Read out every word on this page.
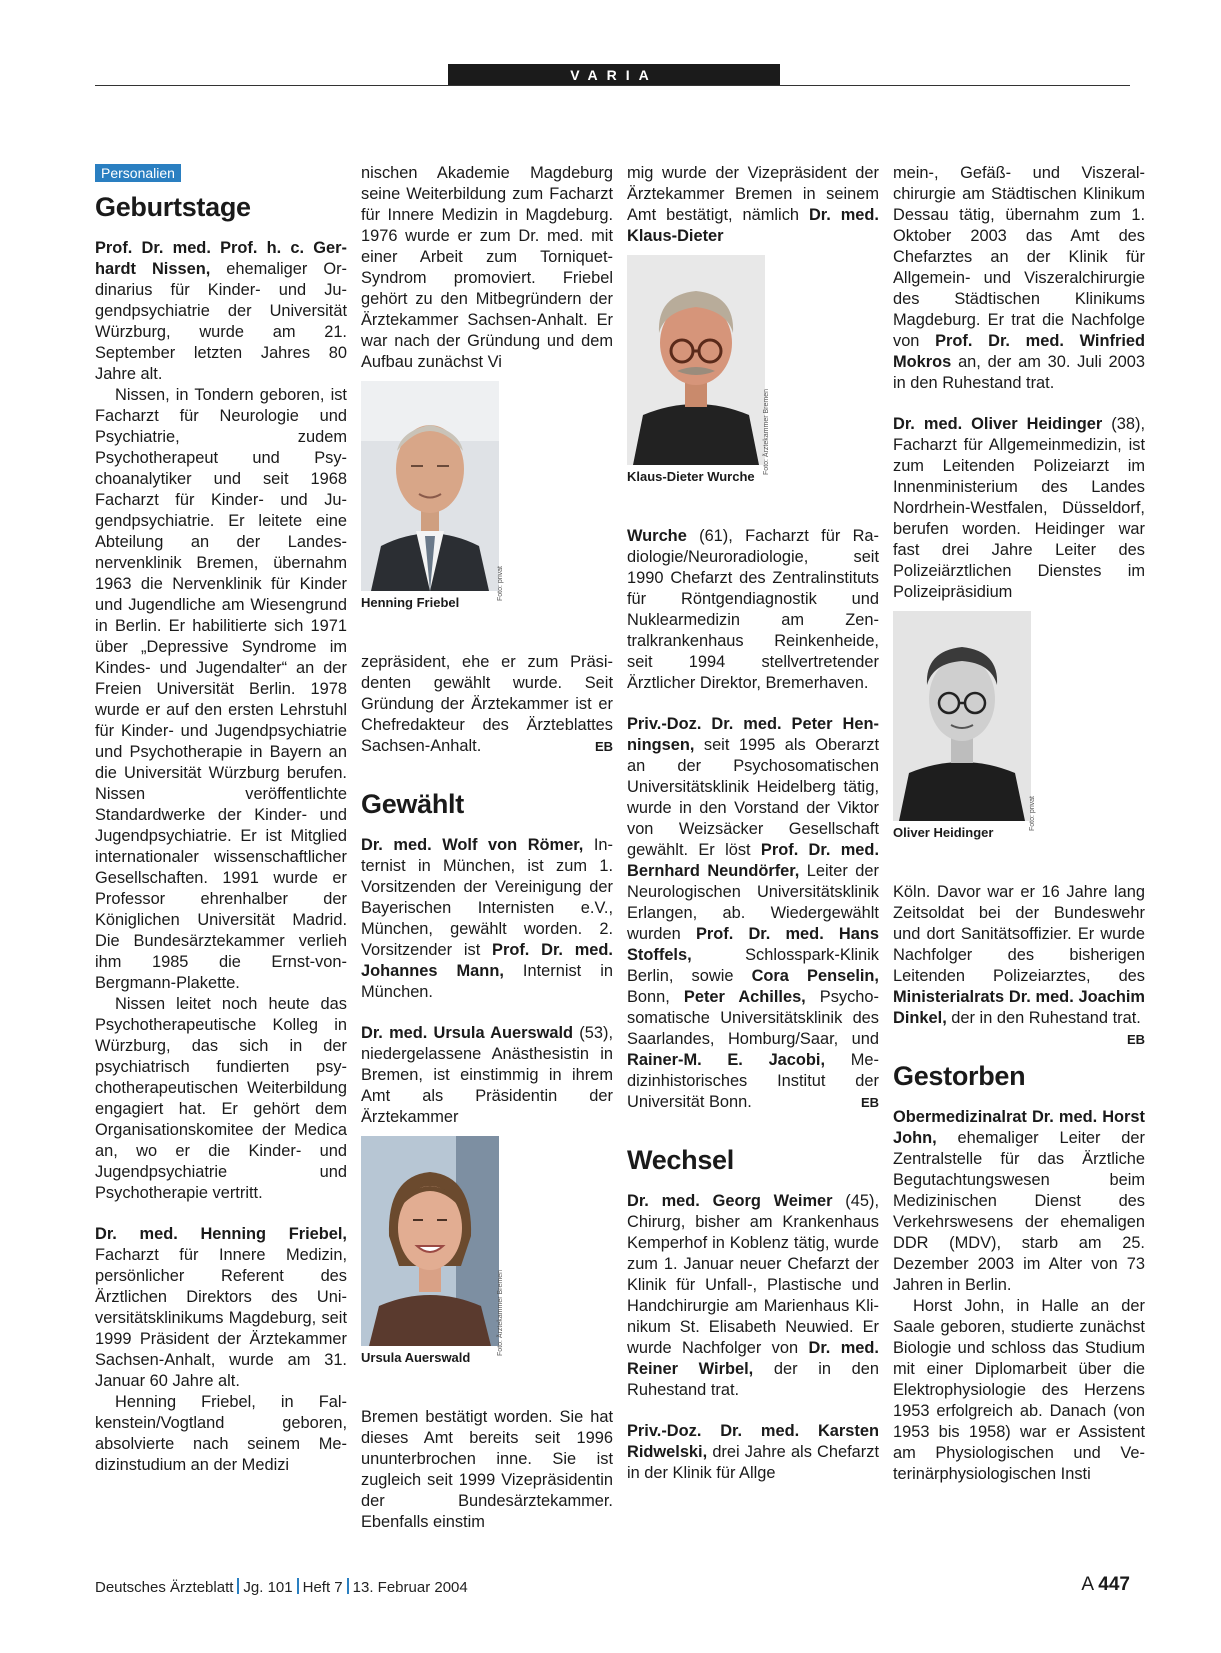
VARIA
Personalien
Geburtstage

Prof. Dr. med. Prof. h. c. Gerhardt Nissen, ehemaliger Ordinarius für Kinder- und Jugendpsychiatrie der Universität Würzburg, wurde am 21. September letzten Jahres 80 Jahre alt.

Nissen, in Tondern geboren, ist Facharzt für Neurologie und Psychiatrie, zudem Psychotherapeut und Psychoanalytiker und seit 1968 Facharzt für Kinder- und Jugendpsychiatrie. Er leitete eine Abteilung an der Landesnervenklinik Bremen, übernahm 1963 die Nervenklinik für Kinder und Jugendliche am Wiesengrund in Berlin. Er habilitierte sich 1971 über „Depressive Syndrome im Kindes- und Jugendalter“ an der Freien Universität Berlin. 1978 wurde er auf den ersten Lehrstuhl für Kinder- und Jugendpsychiatrie und Psychotherapie in Bayern an die Universität Würzburg berufen. Nissen veröffentlichte Standardwerke der Kinder- und Jugendpsychiatrie. Er ist Mitglied internationaler wissenschaftlicher Gesellschaften. 1991 wurde er Professor ehrenhalber der Königlichen Universität Madrid. Die Bundesärztekammer verlieh ihm 1985 die Ernst-von-Bergmann-Plakette.

Nissen leitet noch heute das Psychotherapeutische Kolleg in Würzburg, das sich in der psychiatrisch fundierten psychotherapeutischen Weiterbildung engagiert hat. Er gehört dem Organisationskomitee der Medica an, wo er die Kinder- und Jugendpsychiatrie und Psychotherapie vertritt.

Dr. med. Henning Friebel, Facharzt für Innere Medizin, persönlicher Referent des Ärztlichen Direktors des Universitätsklinikums Magdeburg, seit 1999 Präsident der Ärztekammer Sachsen-Anhalt, wurde am 31. Januar 60 Jahre alt.

Henning Friebel, in Falkenstein/Vogtland geboren, absolvierte nach seinem Medizinstudium an der Medizi

nischen Akademie Magdeburg seine Weiterbildung zum Facharzt für Innere Medizin in Magdeburg. 1976 wurde er zum Dr. med. mit einer Arbeit zum Torniquet-Syndrom promoviert. Friebel gehört zu den Mitbegründern der Ärztekammer Sachsen-Anhalt. Er war nach der Gründung und dem Aufbau zunächst Vi

Foto: privat
Henning Friebel

zepräsident, ehe er zum Präsidenten gewählt wurde. Seit Gründung der Ärztekammer ist er Chefredakteur des Ärzteblattes Sachsen-Anhalt.	EB

Gewählt

Dr. med. Wolf von Römer, Internist in München, ist zum 1. Vorsitzenden der Vereinigung der Bayerischen Internisten e.V., München, gewählt worden. 2. Vorsitzender ist Prof. Dr. med. Johannes Mann, Internist in München.

Dr. med. Ursula Auerswald (53), niedergelassene Anästhesistin in Bremen, ist einstimmig in ihrem Amt als Präsidentin der Ärztekammer

Foto: Ärztekammer Bremen
Ursula Auerswald

Bremen bestätigt worden. Sie hat dieses Amt bereits seit 1996 ununterbrochen inne. Sie ist zugleich seit 1999 Vizepräsidentin der Bundesärztekammer. Ebenfalls einstim

mig wurde der Vizepräsident der Ärztekammer Bremen in seinem Amt bestätigt, nämlich Dr. med. Klaus-Dieter

Foto: Ärztekammer Bremen
Klaus-Dieter Wurche

Wurche (61), Facharzt für Radiologie/Neuroradiologie, seit 1990 Chefarzt des Zentralinstituts für Röntgendiagnostik und Nuklearmedizin am Zentralkrankenhaus Reinkenheide, seit 1994 stellvertretender Ärztlicher Direktor, Bremerhaven.

Priv.-Doz. Dr. med. Peter Henningsen, seit 1995 als Oberarzt an der Psychosomatischen Universitätsklinik Heidelberg tätig, wurde in den Vorstand der Viktor von Weizsäcker Gesellschaft gewählt. Er löst Prof. Dr. med. Bernhard Neundörfer, Leiter der Neurologischen Universitätsklinik Erlangen, ab. Wiedergewählt wurden Prof. Dr. med. Hans Stoffels, Schlosspark-Klinik Berlin, sowie Cora Penselin, Bonn, Peter Achilles, Psychosomatische Universitätsklinik des Saarlandes, Homburg/Saar, und Rainer-M. E. Jacobi, Medizinhistorisches Institut der Universität Bonn.	EB

Wechsel

Dr. med. Georg Weimer (45), Chirurg, bisher am Krankenhaus Kemperhof in Koblenz tätig, wurde zum 1. Januar neuer Chefarzt der Klinik für Unfall-, Plastische und Handchirurgie am Marienhaus Klinikum St. Elisabeth Neuwied. Er wurde Nachfolger von Dr. med. Reiner Wirbel, der in den Ruhestand trat.

Priv.-Doz. Dr. med. Karsten Ridwelski, drei Jahre als Chefarzt in der Klinik für Allge

mein-, Gefäß- und Viszeralchirurgie am Städtischen Klinikum Dessau tätig, übernahm zum 1. Oktober 2003 das Amt des Chefarztes an der Klinik für Allgemein- und Viszeralchirurgie des Städtischen Klinikums Magdeburg. Er trat die Nachfolge von Prof. Dr. med. Winfried Mokros an, der am 30. Juli 2003 in den Ruhestand trat.

Dr. med. Oliver Heidinger (38), Facharzt für Allgemeinmedizin, ist zum Leitenden Polizeiarzt im Innenministerium des Landes Nordrhein-Westfalen, Düsseldorf, berufen worden. Heidinger war fast drei Jahre Leiter des Polizeiärztlichen Dienstes im Polizeipräsidium

Foto: privat
Oliver Heidinger

Köln. Davor war er 16 Jahre lang Zeitsoldat bei der Bundeswehr und dort Sanitätsoffizier. Er wurde Nachfolger des bisherigen Leitenden Polizeiarztes, des Ministerialrats Dr. med. Joachim Dinkel, der in den Ruhestand trat.
EB

Gestorben

Obermedizinalrat Dr. med. Horst John, ehemaliger Leiter der Zentralstelle für das Ärztliche Begutachtungswesen beim Medizinischen Dienst des Verkehrswesens der ehemaligen DDR (MDV), starb am 25. Dezember 2003 im Alter von 73 Jahren in Berlin.

Horst John, in Halle an der Saale geboren, studierte zunächst Biologie und schloss das Studium mit einer Diplomarbeit über die Elektrophysiologie des Herzens 1953 erfolgreich ab. Danach (von 1953 bis 1958) war er Assistent am Physiologischen und Veterinärphysiologischen Insti

Deutsches Ärzteblatt Jg. 101 Heft 7 13. Februar 2004	A 447
